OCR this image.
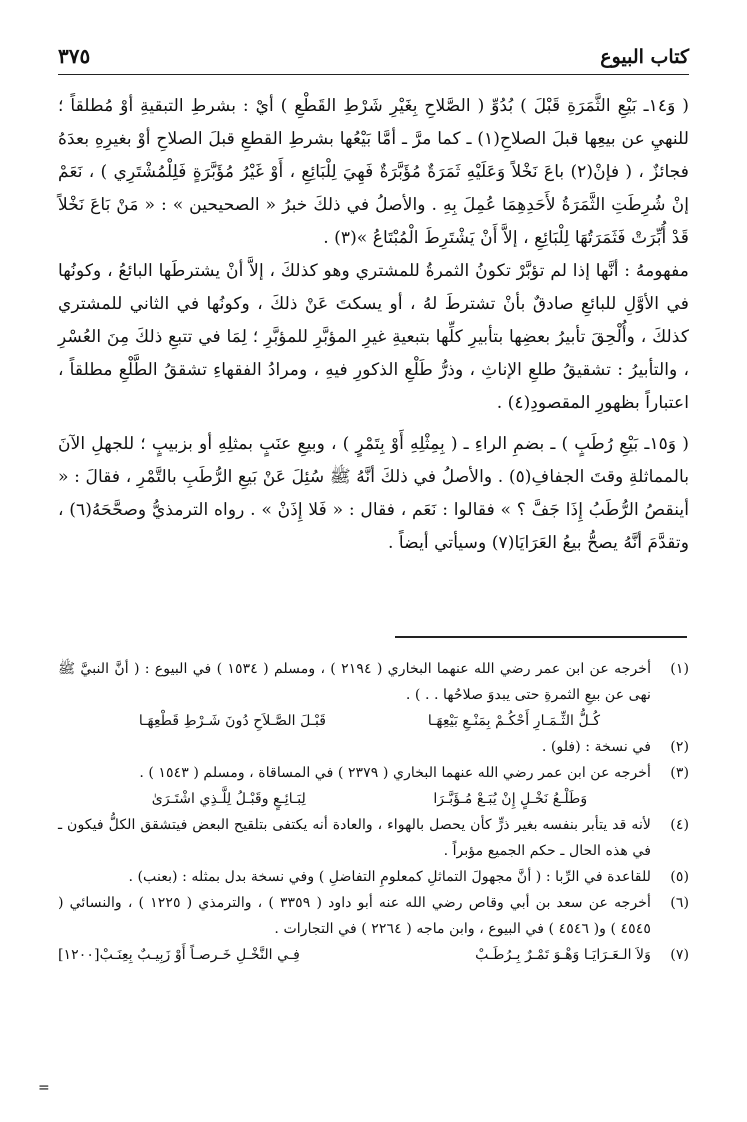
٣٧٥	كتاب البيوع

( وَ١٤ـ بَيْعِ الثَّمَرَةِ قَبْلَ ) بُدُوِّ ( الصَّلاحِ بِغَيْرِ شَرْطِ القَطْعِ ) أيْ : بشرطِ التبقيةِ أوْ مُطلقاً ؛ للنهيِ عن بيعِها قبلَ الصلاحِ(١) ـ كما مرَّ ـ أمَّا بَيْعُها بشرطِ القطعِ قبلَ الصلاحِ أوْ بغيرِهِ بعدَهُ فجائزٌ ، ( فإنْ(٢) باعَ نَخْلاً وَعَلَيْهِ ثَمَرَةٌ مُؤَبَّرَةٌ فَهِيَ لِلْبَائِعِ ، أَوْ غَيْرُ مُؤَبَّرَةٍ فَلِلْمُشْتَرِي ) ، نَعَمْ إنْ شُرِطَتِ الثَّمَرَةُ لأَحَدِهِمَا عُمِلَ بِهِ . والأصلُ في ذلكَ خبرُ « الصحيحين » : « مَنْ بَاعَ نَخْلاً قَدْ أُبِّرَتْ فَثَمَرَتُهَا لِلْبَائِعِ ، إلاَّ أَنْ يَشْتَرِطَ الْمُبْتَاعُ »(٣) .

مفهومهُ : أنَّها إذا لم تؤبَّرْ تكونُ الثمرةُ للمشتري وهو كذلكَ ، إلاَّ أنْ يشترطَها البائعُ ، وكونُها في الأوَّلِ للبائعِ صادقٌ بأنْ تشترطَ لهُ ، أو يسكتَ عَنْ ذلكَ ، وكونُها في الثاني للمشتري كذلكَ ، وأُلْحِقَ تأبيرُ بعضِها بتأبيرِ كلِّها بتبعيةِ غيرِ المؤبَّرِ للمؤبَّرِ ؛ لِمَا في تتبعِ ذلكَ مِنَ العُسْرِ ، والتأبيرُ : تشقيقُ طلعِ الإناثِ ، وذرُّ طَلْعِ الذكورِ فيهِ ، ومرادُ الفقهاءِ تشققُ الطَّلْعِ مطلقاً ، اعتباراً بظهورِ المقصودِ(٤) .

( وَ١٥ـ بَيْعِ رُطَبٍ ) ـ بضمِ الراءِ ـ ( بِمِثْلِهِ أَوْ بِتَمْرٍ ) ، وبيعِ عنَبٍ بمثلِهِ أو بزبيبٍ ؛ للجهلِ الآنَ بالمماثلةِ وقتَ الجفافِ(٥) . والأصلُ في ذلكَ أنَّهُ ﷺ سُئِلَ عَنْ بَيعِ الرُّطَبِ بالتَّمْرِ ، فقالَ : « أينقصُ الرُّطَبُ إِذَا جَفَّ ؟ » فقالوا : نَعَم ، فقال : « فَلا إِذَنْ » . رواه الترمذيُّ وصحَّحَهُ(٦) ، وتقدَّمَ أنَّهُ يصحُّ بيعُ العَرَايَا(٧) وسيأتي أيضاً .

(١)
أخرجه عن ابن عمر رضي الله عنهما البخاري ( ٢١٩٤ ) ، ومسلم ( ١٥٣٤ ) في البيوع : ( أنَّ النبيَّ ﷺ نهى عن بيعِ الثمرةِ حتى يبدوَ صلاحُها . . ) .
كُـلُّ الثِّـمَـارِ أَحْكُـمْ بِمَنْـعِ بَيْعِهَـا
قَبْـلَ الصَّـلاَحِ دُونَ شَـرْطِ قَطْعِهَـا
(٢)
في نسخة : (فلو) .
(٣)
أخرجه عن ابن عمر رضي الله عنهما البخاري ( ٢٣٧٩ ) في المساقاة ، ومسلم ( ١٥٤٣ ) .
وَطَلْـعُ نَخْـلٍ إِنْ يُبَـعْ مُـؤَبَّـرَا
لِبَـائِـعٍ وقَبْـلُ لِلَّـذِي اشْتَـرَىٰ
(٤)
لأنه قد يتأبر بنفسه بغير ذرٍّ كأن يحصل بالهواء ، والعادة أنه يكتفى بتلقيح البعض فيتشقق الكلُّ فيكون ـ في هذه الحال ـ حكم الجميع مؤبراً .
(٥)
للقاعدة في الرِّبا : ( أنَّ مجهولَ التماثلِ كمعلومِ التفاضلِ ) وفي نسخة بدل بمثله : (بعنب) .
(٦)
أخرجه عن سعد بن أبي وقاص رضي الله عنه أبو داود ( ٣٣٥٩ ) ، والترمذي ( ١٢٢٥ ) ، والنسائي ( ٤٥٤٥ ) و( ٤٥٤٦ ) في البيوع ، وابن ماجه ( ٢٢٦٤ ) في التجارات .
(٧)
وَلاَ الـعَـرَايَـا وَهْـوَ تَمْـرٌ بِـرُطَـبْ
فِـي النَّخْـلِ خَـرصـاً أَوْ زَبِيـبٌ بِعِنَـبْ[١٢٠٠]
=
